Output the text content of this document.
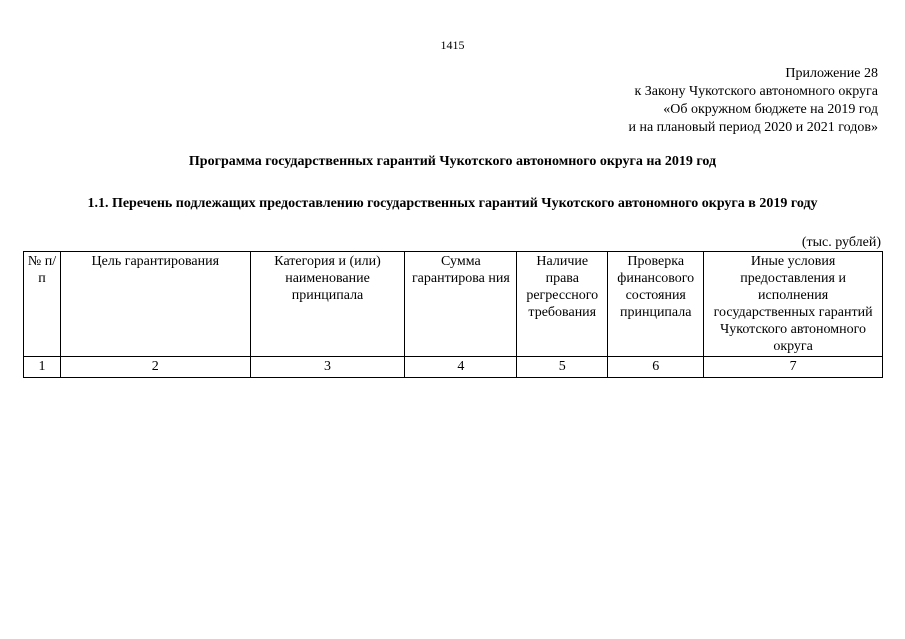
1415
Приложение 28
к Закону Чукотского автономного округа
«Об окружном бюджете на 2019 год
и на плановый период 2020 и 2021 годов»
Программа государственных гарантий Чукотского автономного округа на 2019 год
1.1. Перечень подлежащих предоставлению государственных гарантий Чукотского автономного округа в 2019 году
(тыс. рублей)
№ п/п	Цель гарантирования	Категория и (или) наименование принципала	Сумма гарантирова ния	Наличие права регрессного требования	Проверка финансового состояния принципала	Иные условия предоставления и исполнения государственных гарантий Чукотского автономного округа
1	2	3	4	5	6	7
